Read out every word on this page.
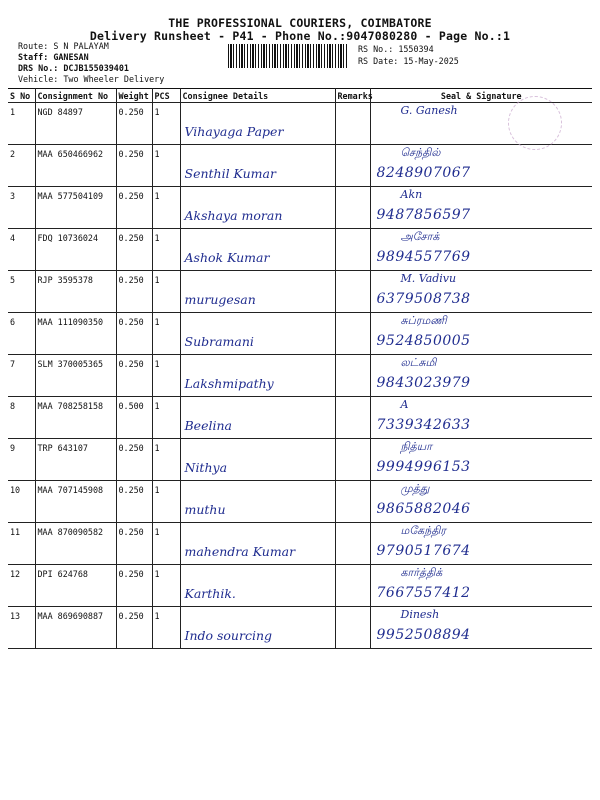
THE PROFESSIONAL COURIERS, COIMBATORE
Delivery Runsheet - P41 - Phone No.:9047080280 - Page No.:1
Route: S N PALAYAM
Staff: GANESAN
DRS No.: DCJB155039401
Vehicle: Two Wheeler Delivery
RS No.: 1550394
RS Date: 15-May-2025
S No	Consignment No	Weight	PCS	Consignee Details	Remarks	Seal & Signature
1	NGD 84897	0.250	1	Vihayaga Paper		G. Ganesh

2	MAA 650466962	0.250	1	Senthil Kumar		செந்தில்
8248907067

3	MAA 577504109	0.250	1	Akshaya moran		Akn
9487856597

4	FDQ 10736024	0.250	1	Ashok Kumar		அசோக்
9894557769

5	RJP 3595378	0.250	1	murugesan		M. Vadivu
6379508738

6	MAA 111090350	0.250	1	Subramani		சுப்ரமணி
9524850005

7	SLM 370005365	0.250	1	Lakshmipathy		லட்சுமி
9843023979

8	MAA 708258158	0.500	1	Beelina		A
7339342633

9	TRP 643107	0.250	1	Nithya		நித்யா
9994996153

10	MAA 707145908	0.250	1	muthu		முத்து
9865882046

11	MAA 870090582	0.250	1	mahendra Kumar		மகேந்திர
9790517674

12	DPI 624768	0.250	1	Karthik.		கார்த்திக்
7667557412

13	MAA 869690887	0.250	1	Indo sourcing		Dinesh
9952508894
